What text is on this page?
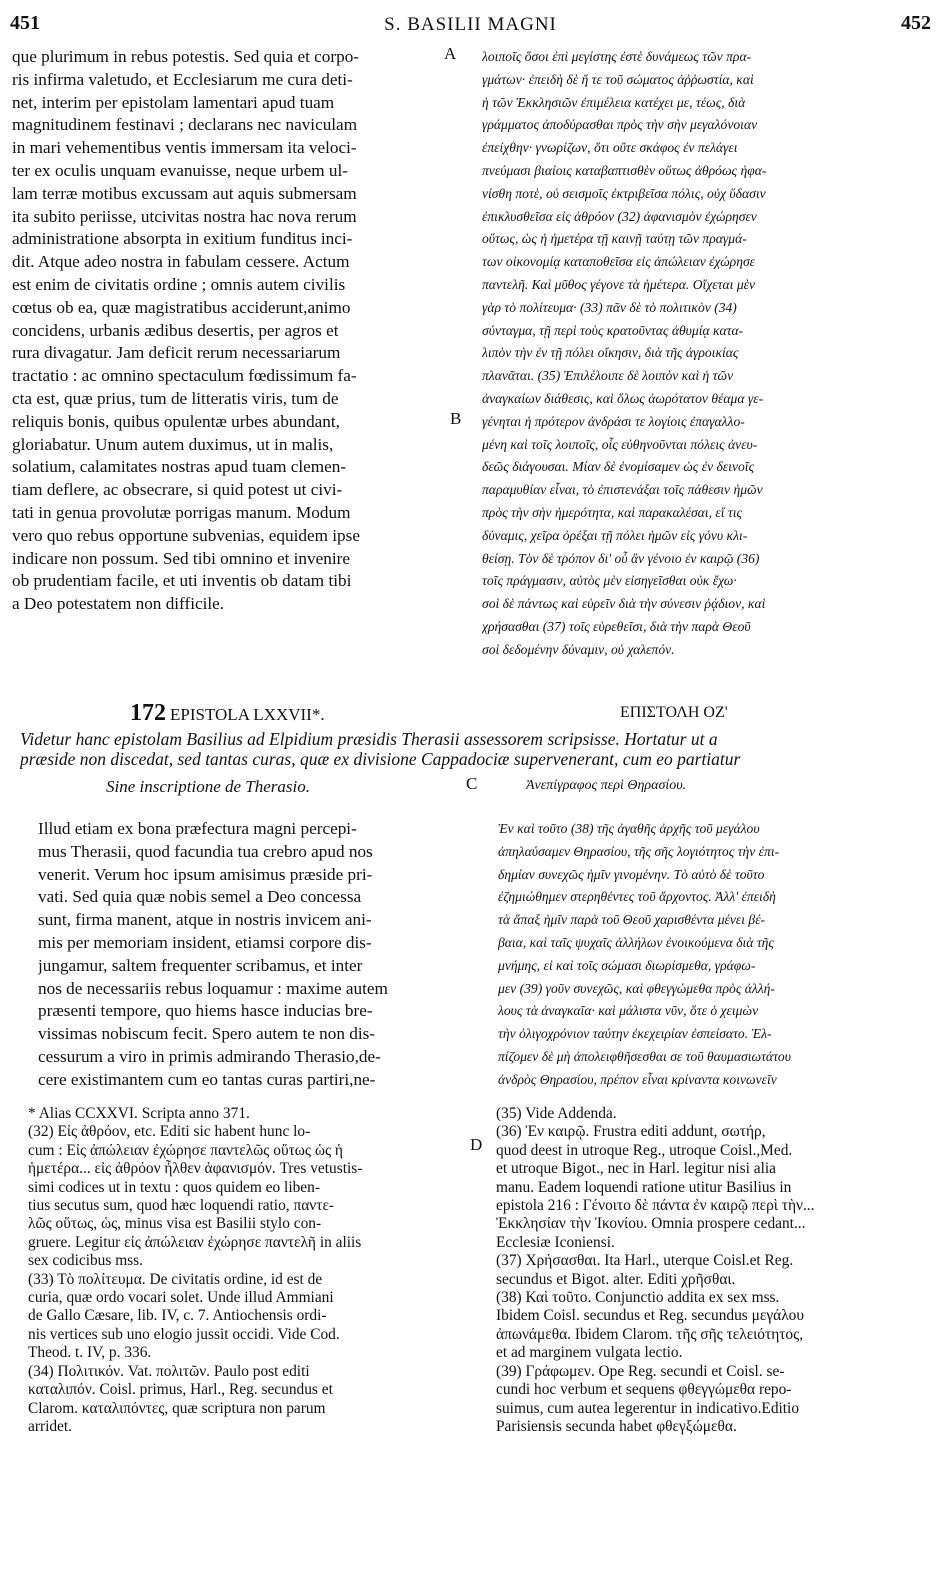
451	S. BASILII MAGNI	452
A
B
C
D
que plurimum in rebus potestis. Sed quia et corpo-
ris infirma valetudo, et Ecclesiarum me cura deti-
net, interim per epistolam lamentari apud tuam
magnitudinem festinavi ; declarans nec naviculam
in mari vehementibus ventis immersam ita veloci-
ter ex oculis unquam evanuisse, neque urbem ul-
lam terræ motibus excussam aut aquis submersam
ita subito periisse, utcivitas nostra hac nova rerum
administratione absorpta in exitium funditus inci-
dit. Atque adeo nostra in fabulam cessere. Actum
est enim de civitatis ordine ; omnis autem civilis
cœtus ob ea, quæ magistratibus acciderunt,animo
concidens, urbanis ædibus desertis, per agros et
rura divagatur. Jam deficit rerum necessariarum
tractatio : ac omnino spectaculum fœdissimum fa-
cta est, quæ prius, tum de litteratis viris, tum de
reliquis bonis, quibus opulentæ urbes abundant,
gloriabatur. Unum autem duximus, ut in malis,
solatium, calamitates nostras apud tuam clemen-
tiam deflere, ac obsecrare, si quid potest ut civi-
tati in genua provolutæ porrigas manum. Modum
vero quo rebus opportune subvenias, equidem ipse
indicare non possum. Sed tibi omnino et invenire
ob prudentiam facile, et uti inventis ob datam tibi
a Deo potestatem non difficile.
λοιποῖς ὅσοι ἐπὶ μεγίστης ἐστὲ δυνάμεως τῶν πρα-
γμάτων· ἐπειδὴ δὲ ἥ τε τοῦ σώματος ἀῤῥωστία, καὶ
ἡ τῶν Ἐκκλησιῶν ἐπιμέλεια κατέχει με, τέως, διὰ
γράμματος ἀποδύρασθαι πρὸς τὴν σὴν μεγαλόνοιαν
ἐπείχθην· γνωρίζων, ὅτι οὔτε σκάφος ἐν πελάγει
πνεύμασι βιαίοις καταβαπτισθὲν οὕτως ἀθρόως ἠφα-
νίσθη ποτὲ, οὐ σεισμοῖς ἐκτριβεῖσα πόλις, οὐχ ὕδασιν
ἐπικλυσθεῖσα εἰς ἀθρόον (32) ἀφανισμὸν ἐχώρησεν
οὕτως, ὡς ἡ ἡμετέρα τῇ καινῇ ταύτῃ τῶν πραγμά-
των οἰκονομίᾳ καταποθεῖσα εἰς ἀπώλειαν ἐχώρησε
παντελῆ. Καὶ μῦθος γέγονε τὰ ἡμέτερα. Οἴχεται μὲν
γὰρ τὸ πολίτευμα· (33) πᾶν δὲ τὸ πολιτικὸν (34)
σύνταγμα, τῇ περὶ τοὺς κρατοῦντας ἀθυμίᾳ κατα-
λιπὸν τὴν ἐν τῇ πόλει οἴκησιν, διὰ τῆς ἀγροικίας
πλανᾶται. (35) Ἐπιλέλοιπε δὲ λοιπὸν καὶ ἡ τῶν
ἀναγκαίων διάθεσις, καὶ ὅλως ἀωρότατον θέαμα γε-
γένηται ἡ πρότερον ἀνδράσι τε λογίοις ἐπαγαλλο-
μένη καὶ τοῖς λοιποῖς, οἷς εὐθηνοῦνται πόλεις ἀνευ-
δεῶς διάγουσαι. Μίαν δὲ ἐνομίσαμεν ὡς ἐν δεινοῖς
παραμυθίαν εἶναι, τὸ ἐπιστενάξαι τοῖς πάθεσιν ἡμῶν
πρὸς τὴν σὴν ἡμερότητα, καὶ παρακαλέσαι, εἴ τις
δύναμις, χεῖρα ὀρέξαι τῇ πόλει ἡμῶν εἰς γόνυ κλι-
θείσῃ. Τὸν δὲ τρόπον δι' οὗ ἂν γένοιο ἐν καιρῷ (36)
τοῖς πράγμασιν, αὐτὸς μὲν εἰσηγεῖσθαι οὐκ ἔχω·
σοὶ δὲ πάντως καὶ εὑρεῖν διὰ τὴν σύνεσιν ῥᾴδιον, καὶ
χρήσασθαι (37) τοῖς εὑρεθεῖσι, διὰ τὴν παρὰ Θεοῦ
σοὶ δεδομένην δύναμιν, οὐ χαλεπόν.
172 EPISTOLA LXXVII*.	ΕΠΙΣΤΟΛΗ ΟΖ'
Videtur hanc epistolam Basilius ad Elpidium præsidis Therasii assessorem scripsisse. Hortatur ut a
præside non discedat, sed tantas curas, quæ ex divisione Cappadociæ supervenerant, cum eo partiatur
Sine inscriptione de Therasio.	Ἀνεπίγραφος περὶ Θηρασίου.
Illud etiam ex bona præfectura magni percepi-
mus Therasii, quod facundia tua crebro apud nos
venerit. Verum hoc ipsum amisimus præside pri-
vati. Sed quia quæ nobis semel a Deo concessa
sunt, firma manent, atque in nostris invicem ani-
mis per memoriam insident, etiamsi corpore dis-
jungamur, saltem frequenter scribamus, et inter
nos de necessariis rebus loquamur : maxime autem
præsenti tempore, quo hiems hasce inducias bre-
vissimas nobiscum fecit. Spero autem te non dis-
cessurum a viro in primis admirando Therasio,de-
cere existimantem cum eo tantas curas partiri,ne-
Ἐν καὶ τοῦτο (38) τῆς ἀγαθῆς ἀρχῆς τοῦ μεγάλου
ἀπηλαύσαμεν Θηρασίου, τῆς σῆς λογιότητος τὴν ἐπι-
δημίαν συνεχῶς ἡμῖν γινομένην. Τὸ αὐτὸ δὲ τοῦτο
ἐζημιώθημεν στερηθέντες τοῦ ἄρχοντος. Ἀλλ' ἐπειδὴ
τὰ ἅπαξ ἡμῖν παρὰ τοῦ Θεοῦ χαρισθέντα μένει βέ-
βαια, καὶ ταῖς ψυχαῖς ἀλλήλων ἐνοικούμενα διὰ τῆς
μνήμης, εἰ καὶ τοῖς σώμασι διωρίσμεθα, γράφω-
μεν (39) γοῦν συνεχῶς, καὶ φθεγγώμεθα πρὸς ἀλλή-
λους τὰ ἀναγκαῖα· καὶ μάλιστα νῦν, ὅτε ὁ χειμὼν
τὴν ὀλιγοχρόνιον ταύτην ἐκεχειρίαν ἐσπείσατο. Ἐλ-
πίζομεν δὲ μὴ ἀπολειφθῆσεσθαι σε τοῦ θαυμασιωτάτου
ἀνδρὸς Θηρασίου, πρέπον εἶναι κρίναντα κοινωνεῖν
* Alias CCXXVI. Scripta anno 371.
(32) Εἰς ἀθρόον, etc. Editi sic habent hunc lo-
cum : Εἰς ἀπώλειαν ἐχώρησε παντελῶς οὕτως ὡς ἡ
ἡμετέρα... εἰς ἀθρόον ἦλθεν ἀφανισμόν. Tres vetustis-
simi codices ut in textu : quos quidem eo liben-
tius secutus sum, quod hæc loquendi ratio, παντε-
λῶς οὕτως, ὡς, minus visa est Basilii stylo con-
gruere. Legitur εἰς ἀπώλειαν ἐχώρησε παντελῆ in aliis
sex codicibus mss.
(33) Τὸ πολίτευμα. De civitatis ordine, id est de
curia, quæ ordo vocari solet. Unde illud Ammiani
de Gallo Cæsare, lib. IV, c. 7. Antiochensis ordi-
nis vertices sub uno elogio jussit occidi. Vide Cod.
Theod. t. IV, p. 336.
(34) Πολιτικόν. Vat. πολιτῶν. Paulo post editi
καταλιπόν. Coisl. primus, Harl., Reg. secundus et
Clarom. καταλιπόντες, quæ scriptura non parum
arridet.
(35) Vide Addenda.
(36) Ἐν καιρῷ. Frustra editi addunt, σωτήρ,
quod deest in utroque Reg., utroque Coisl.,Med.
et utroque Bigot., nec in Harl. legitur nisi alia
manu. Eadem loquendi ratione utitur Basilius in
epistola 216 : Γένοιτο δὲ πάντα ἐν καιρῷ περὶ τὴν...
Ἐκκλησίαν τὴν Ἰκονίου. Omnia prospere cedant...
Ecclesiæ Iconiensi.
(37) Χρήσασθαι. Ita Harl., uterque Coisl.et Reg.
secundus et Bigot. alter. Editi χρῆσθαι.
(38) Καὶ τοῦτο. Conjunctio addita ex sex mss.
Ibidem Coisl. secundus et Reg. secundus μεγάλου
ἀπωνάμεθα. Ibidem Clarom. τῆς σῆς τελειότητος,
et ad marginem vulgata lectio.
(39) Γράφωμεν. Ope Reg. secundi et Coisl. se-
cundi hoc verbum et sequens φθεγγώμεθα repo-
suimus, cum autea legerentur in indicativo.Editio
Parisiensis secunda habet φθεγξώμεθα.
